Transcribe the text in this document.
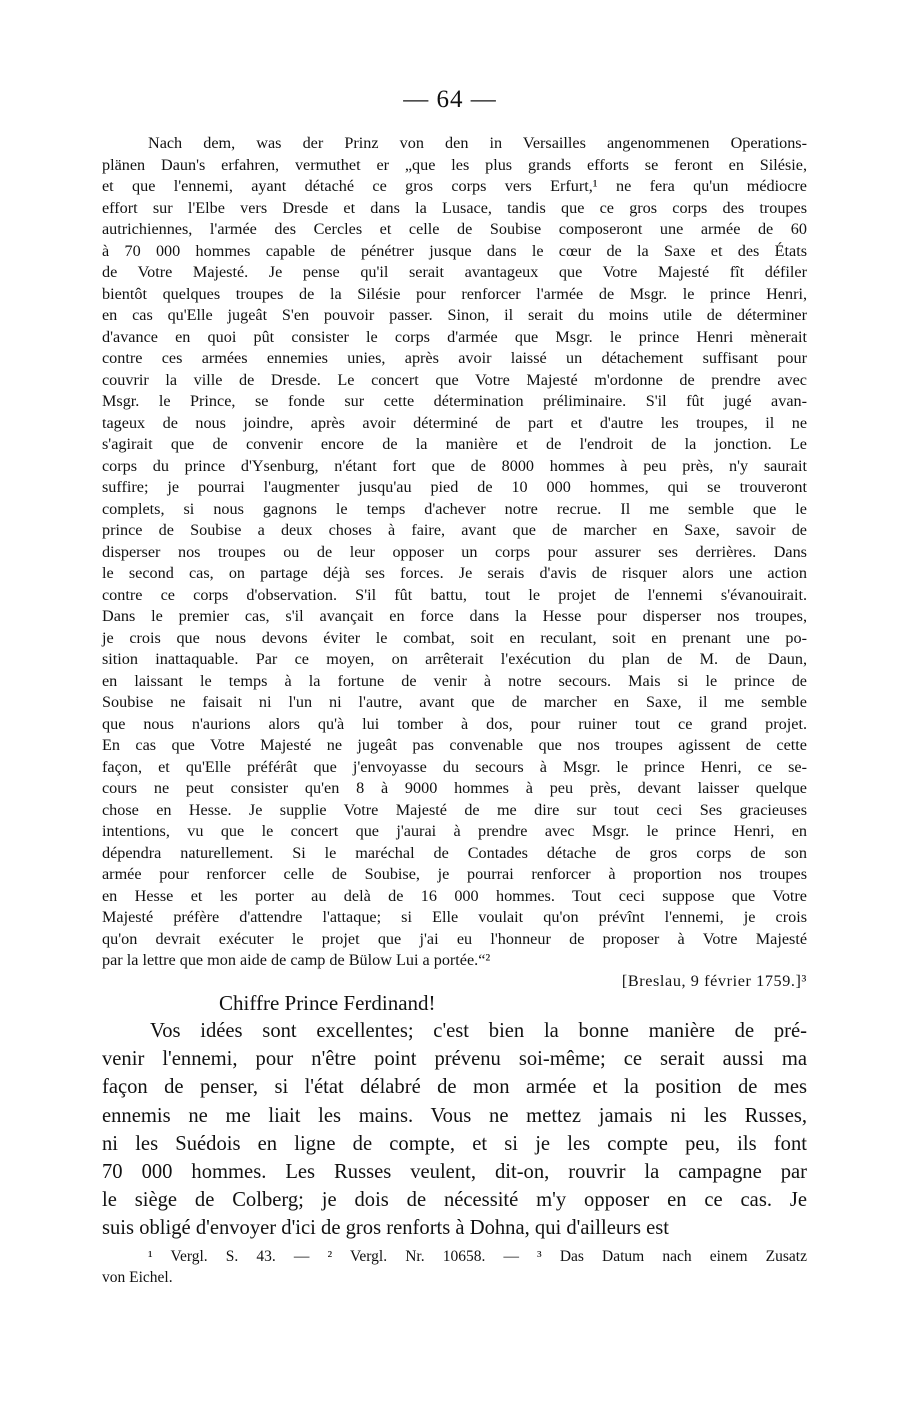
— 64 —
Nach dem, was der Prinz von den in Versailles angenommenen Operations-
plänen Daun's erfahren, vermuthet er „que les plus grands efforts se feront en Silésie,
et que l'ennemi, ayant détaché ce gros corps vers Erfurt,¹ ne fera qu'un médiocre
effort sur l'Elbe vers Dresde et dans la Lusace, tandis que ce gros corps des troupes
autrichiennes, l'armée des Cercles et celle de Soubise composeront une armée de 60
à 70 000 hommes capable de pénétrer jusque dans le cœur de la Saxe et des États
de Votre Majesté. Je pense qu'il serait avantageux que Votre Majesté fît défiler
bientôt quelques troupes de la Silésie pour renforcer l'armée de Msgr. le prince Henri,
en cas qu'Elle jugeât S'en pouvoir passer. Sinon, il serait du moins utile de déterminer
d'avance en quoi pût consister le corps d'armée que Msgr. le prince Henri mènerait
contre ces armées ennemies unies, après avoir laissé un détachement suffisant pour
couvrir la ville de Dresde. Le concert que Votre Majesté m'ordonne de prendre avec
Msgr. le Prince, se fonde sur cette détermination préliminaire. S'il fût jugé avan-
tageux de nous joindre, après avoir déterminé de part et d'autre les troupes, il ne
s'agirait que de convenir encore de la manière et de l'endroit de la jonction. Le
corps du prince d'Ysenburg, n'étant fort que de 8000 hommes à peu près, n'y saurait
suffire; je pourrai l'augmenter jusqu'au pied de 10 000 hommes, qui se trouveront
complets, si nous gagnons le temps d'achever notre recrue. Il me semble que le
prince de Soubise a deux choses à faire, avant que de marcher en Saxe, savoir de
disperser nos troupes ou de leur opposer un corps pour assurer ses derrières. Dans
le second cas, on partage déjà ses forces. Je serais d'avis de risquer alors une action
contre ce corps d'observation. S'il fût battu, tout le projet de l'ennemi s'évanouirait.
Dans le premier cas, s'il avançait en force dans la Hesse pour disperser nos troupes,
je crois que nous devons éviter le combat, soit en reculant, soit en prenant une po-
sition inattaquable. Par ce moyen, on arrêterait l'exécution du plan de M. de Daun,
en laissant le temps à la fortune de venir à notre secours. Mais si le prince de
Soubise ne faisait ni l'un ni l'autre, avant que de marcher en Saxe, il me semble
que nous n'aurions alors qu'à lui tomber à dos, pour ruiner tout ce grand projet.
En cas que Votre Majesté ne jugeât pas convenable que nos troupes agissent de cette
façon, et qu'Elle préférât que j'envoyasse du secours à Msgr. le prince Henri, ce se-
cours ne peut consister qu'en 8 à 9000 hommes à peu près, devant laisser quelque
chose en Hesse. Je supplie Votre Majesté de me dire sur tout ceci Ses gracieuses
intentions, vu que le concert que j'aurai à prendre avec Msgr. le prince Henri, en
dépendra naturellement. Si le maréchal de Contades détache de gros corps de son
armée pour renforcer celle de Soubise, je pourrai renforcer à proportion nos troupes
en Hesse et les porter au delà de 16 000 hommes. Tout ceci suppose que Votre
Majesté préfère d'attendre l'attaque; si Elle voulait qu'on prévînt l'ennemi, je crois
qu'on devrait exécuter le projet que j'ai eu l'honneur de proposer à Votre Majesté
par la lettre que mon aide de camp de Bülow Lui a portée.“²
[Breslau, 9 février 1759.]³
Chiffre Prince Ferdinand!
Vos idées sont excellentes; c'est bien la bonne manière de pré-
venir l'ennemi, pour n'être point prévenu soi-même; ce serait aussi ma
façon de penser, si l'état délabré de mon armée et la position de mes
ennemis ne me liait les mains. Vous ne mettez jamais ni les Russes,
ni les Suédois en ligne de compte, et si je les compte peu, ils font
70 000 hommes. Les Russes veulent, dit-on, rouvrir la campagne par
le siège de Colberg; je dois de nécessité m'y opposer en ce cas. Je
suis obligé d'envoyer d'ici de gros renforts à Dohna, qui d'ailleurs est
¹ Vergl. S. 43. — ² Vergl. Nr. 10658. — ³ Das Datum nach einem Zusatz
von Eichel.
